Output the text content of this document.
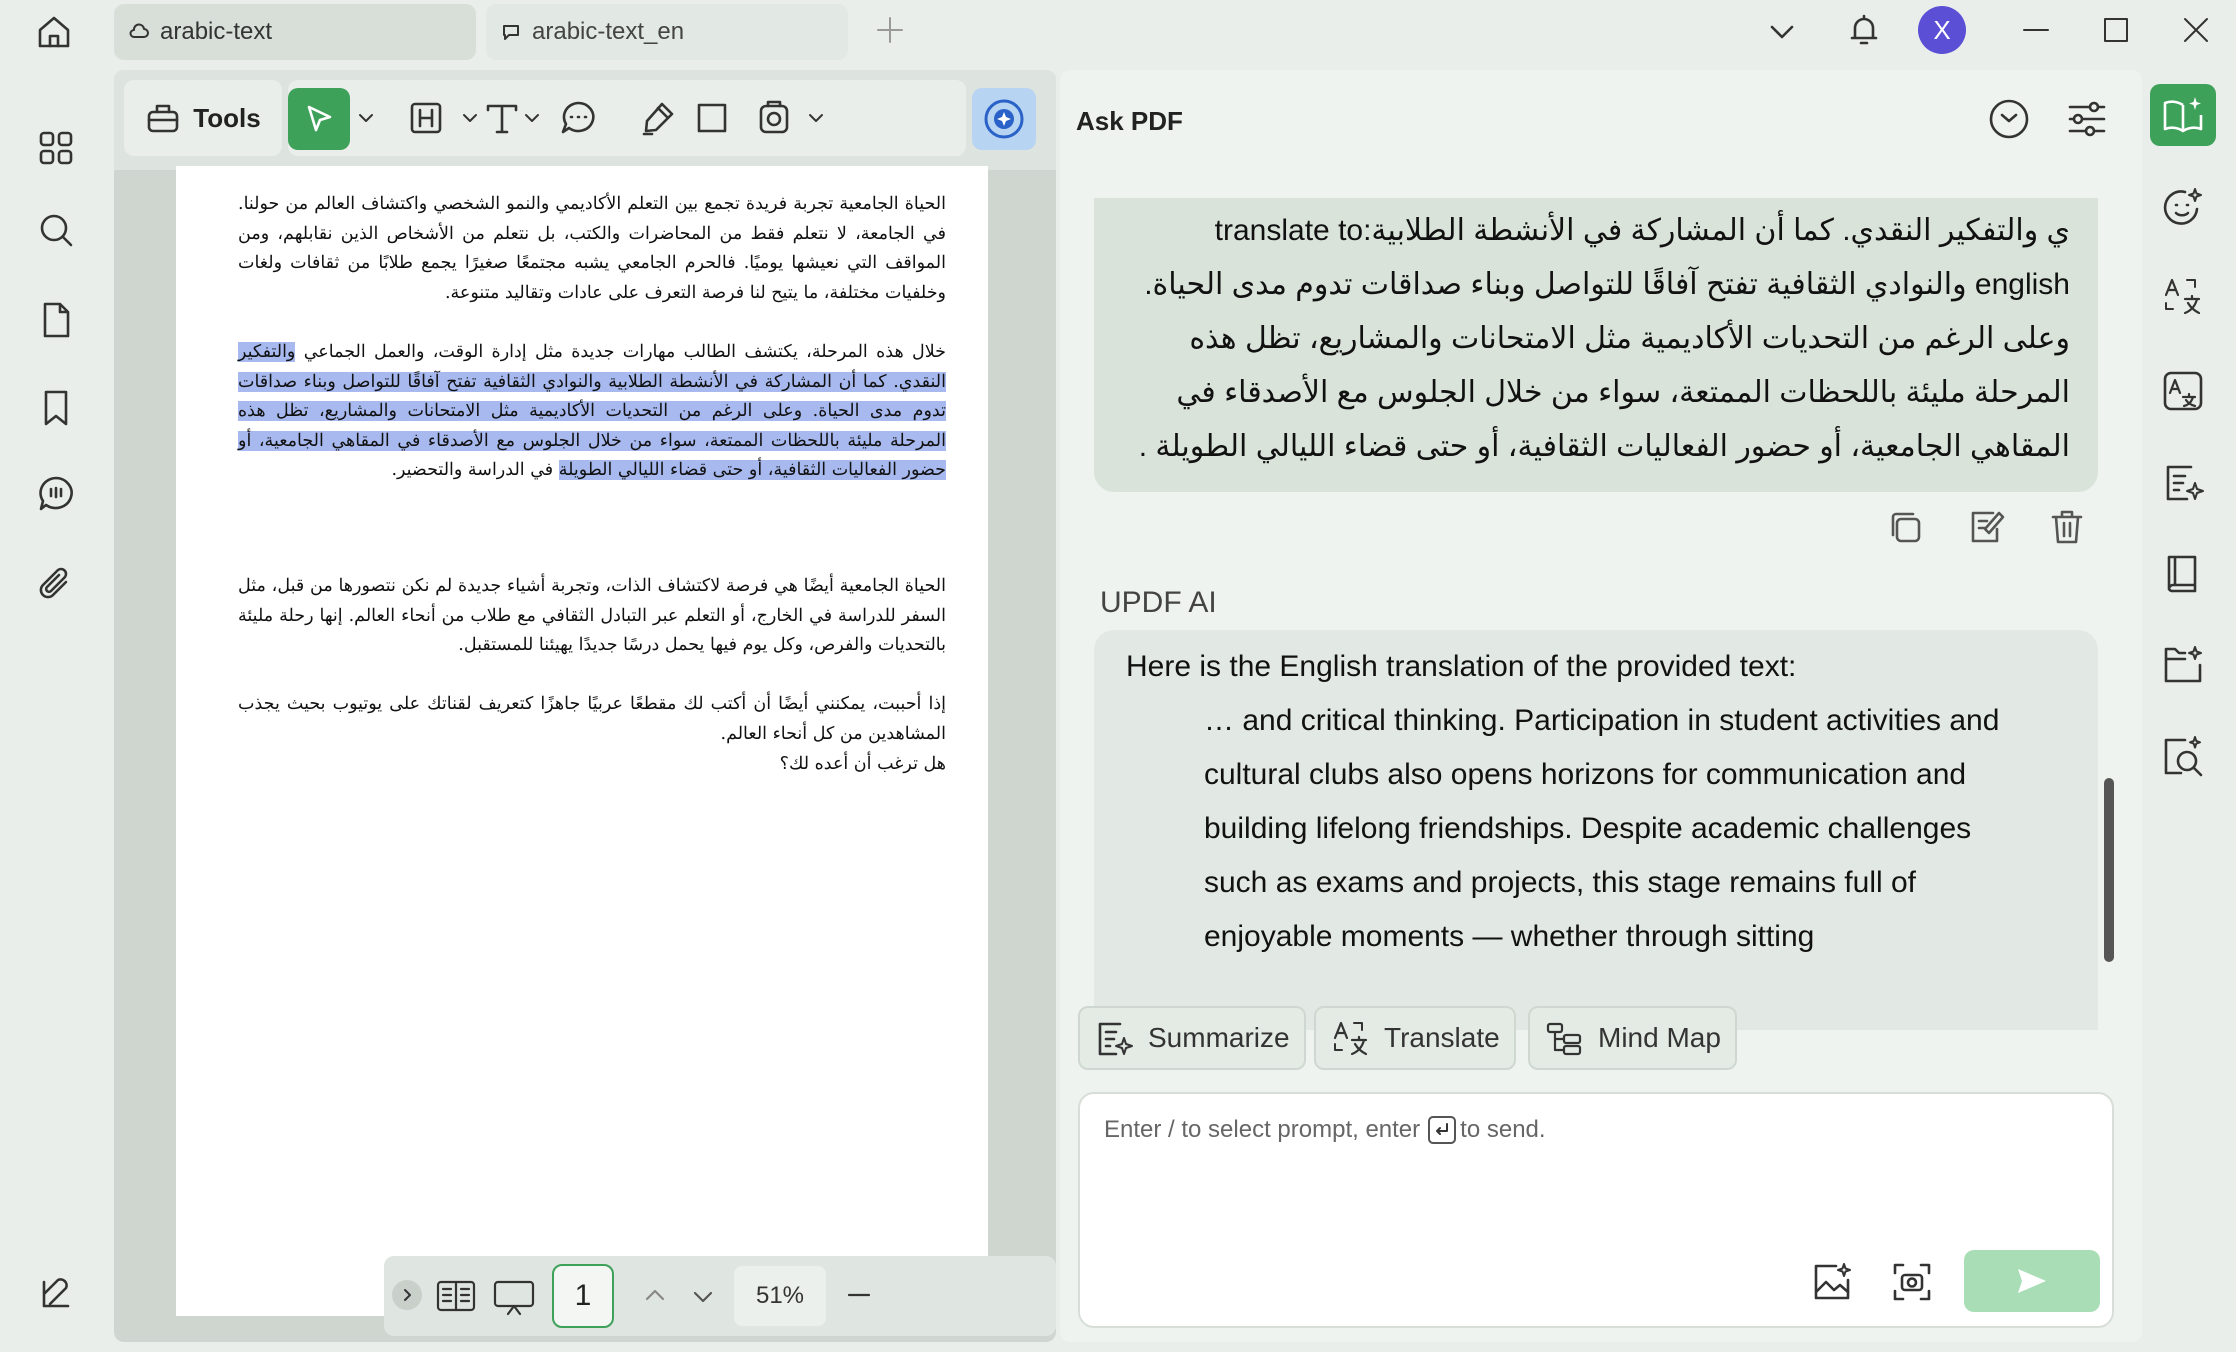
arabic-text	arabic-text_en	X
Tools

الحياة الجامعية تجربة فريدة تجمع بين التعلم الأكاديمي والنمو الشخصي واكتشاف العالم من حولنا. في الجامعة، لا نتعلم فقط من المحاضرات والكتب، بل نتعلم من الأشخاص الذين نقابلهم، ومن المواقف التي نعيشها يوميًا. فالحرم الجامعي يشبه مجتمعًا صغيرًا يجمع طلابًا من ثقافات ولغات وخلفيات مختلفة، ما يتيح لنا فرصة التعرف على عادات وتقاليد متنوعة.

خلال هذه المرحلة، يكتشف الطالب مهارات جديدة مثل إدارة الوقت، والعمل الجماعي والتفكير النقدي. كما أن المشاركة في الأنشطة الطلابية والنوادي الثقافية تفتح آفاقًا للتواصل وبناء صداقات تدوم مدى الحياة. وعلى الرغم من التحديات الأكاديمية مثل الامتحانات والمشاريع، تظل هذه المرحلة مليئة باللحظات الممتعة، سواء من خلال الجلوس مع الأصدقاء في المقاهي الجامعية، أو حضور الفعاليات الثقافية، أو حتى قضاء الليالي الطويلة في الدراسة والتحضير.

الحياة الجامعية أيضًا هي فرصة لاكتشاف الذات، وتجربة أشياء جديدة لم نكن نتصورها من قبل، مثل السفر للدراسة في الخارج، أو التعلم عبر التبادل الثقافي مع طلاب من أنحاء العالم. إنها رحلة مليئة بالتحديات والفرص، وكل يوم فيها يحمل درسًا جديدًا يهيئنا للمستقبل.

إذا أحببت، يمكنني أيضًا أن أكتب لك مقطعًا عربيًا جاهزًا كتعريف لقناتك على يوتيوب بحيث يجذب المشاهدين من كل أنحاء العالم.

هل ترغب أن أعده لك؟

1	51%
Ask PDF
ي والتفكير النقدي. كما أن المشاركة في الأنشطة الطلابية:translate to english والنوادي الثقافية تفتح آفاقًا للتواصل وبناء صداقات تدوم مدى الحياة. وعلى الرغم من التحديات الأكاديمية مثل الامتحانات والمشاريع، تظل هذه المرحلة مليئة باللحظات الممتعة، سواء من خلال الجلوس مع الأصدقاء في المقاهي الجامعية، أو حضور الفعاليات الثقافية، أو حتى قضاء الليالي الطويلة .
UPDF AI
Here is the English translation of the provided text:
… and critical thinking. Participation in student activities and cultural clubs also opens horizons for communication and building lifelong friendships. Despite academic challenges such as exams and projects, this stage remains full of enjoyable moments — whether through sitting
Summarize	Translate	Mind Map
Enter / to select prompt, enter to send.
